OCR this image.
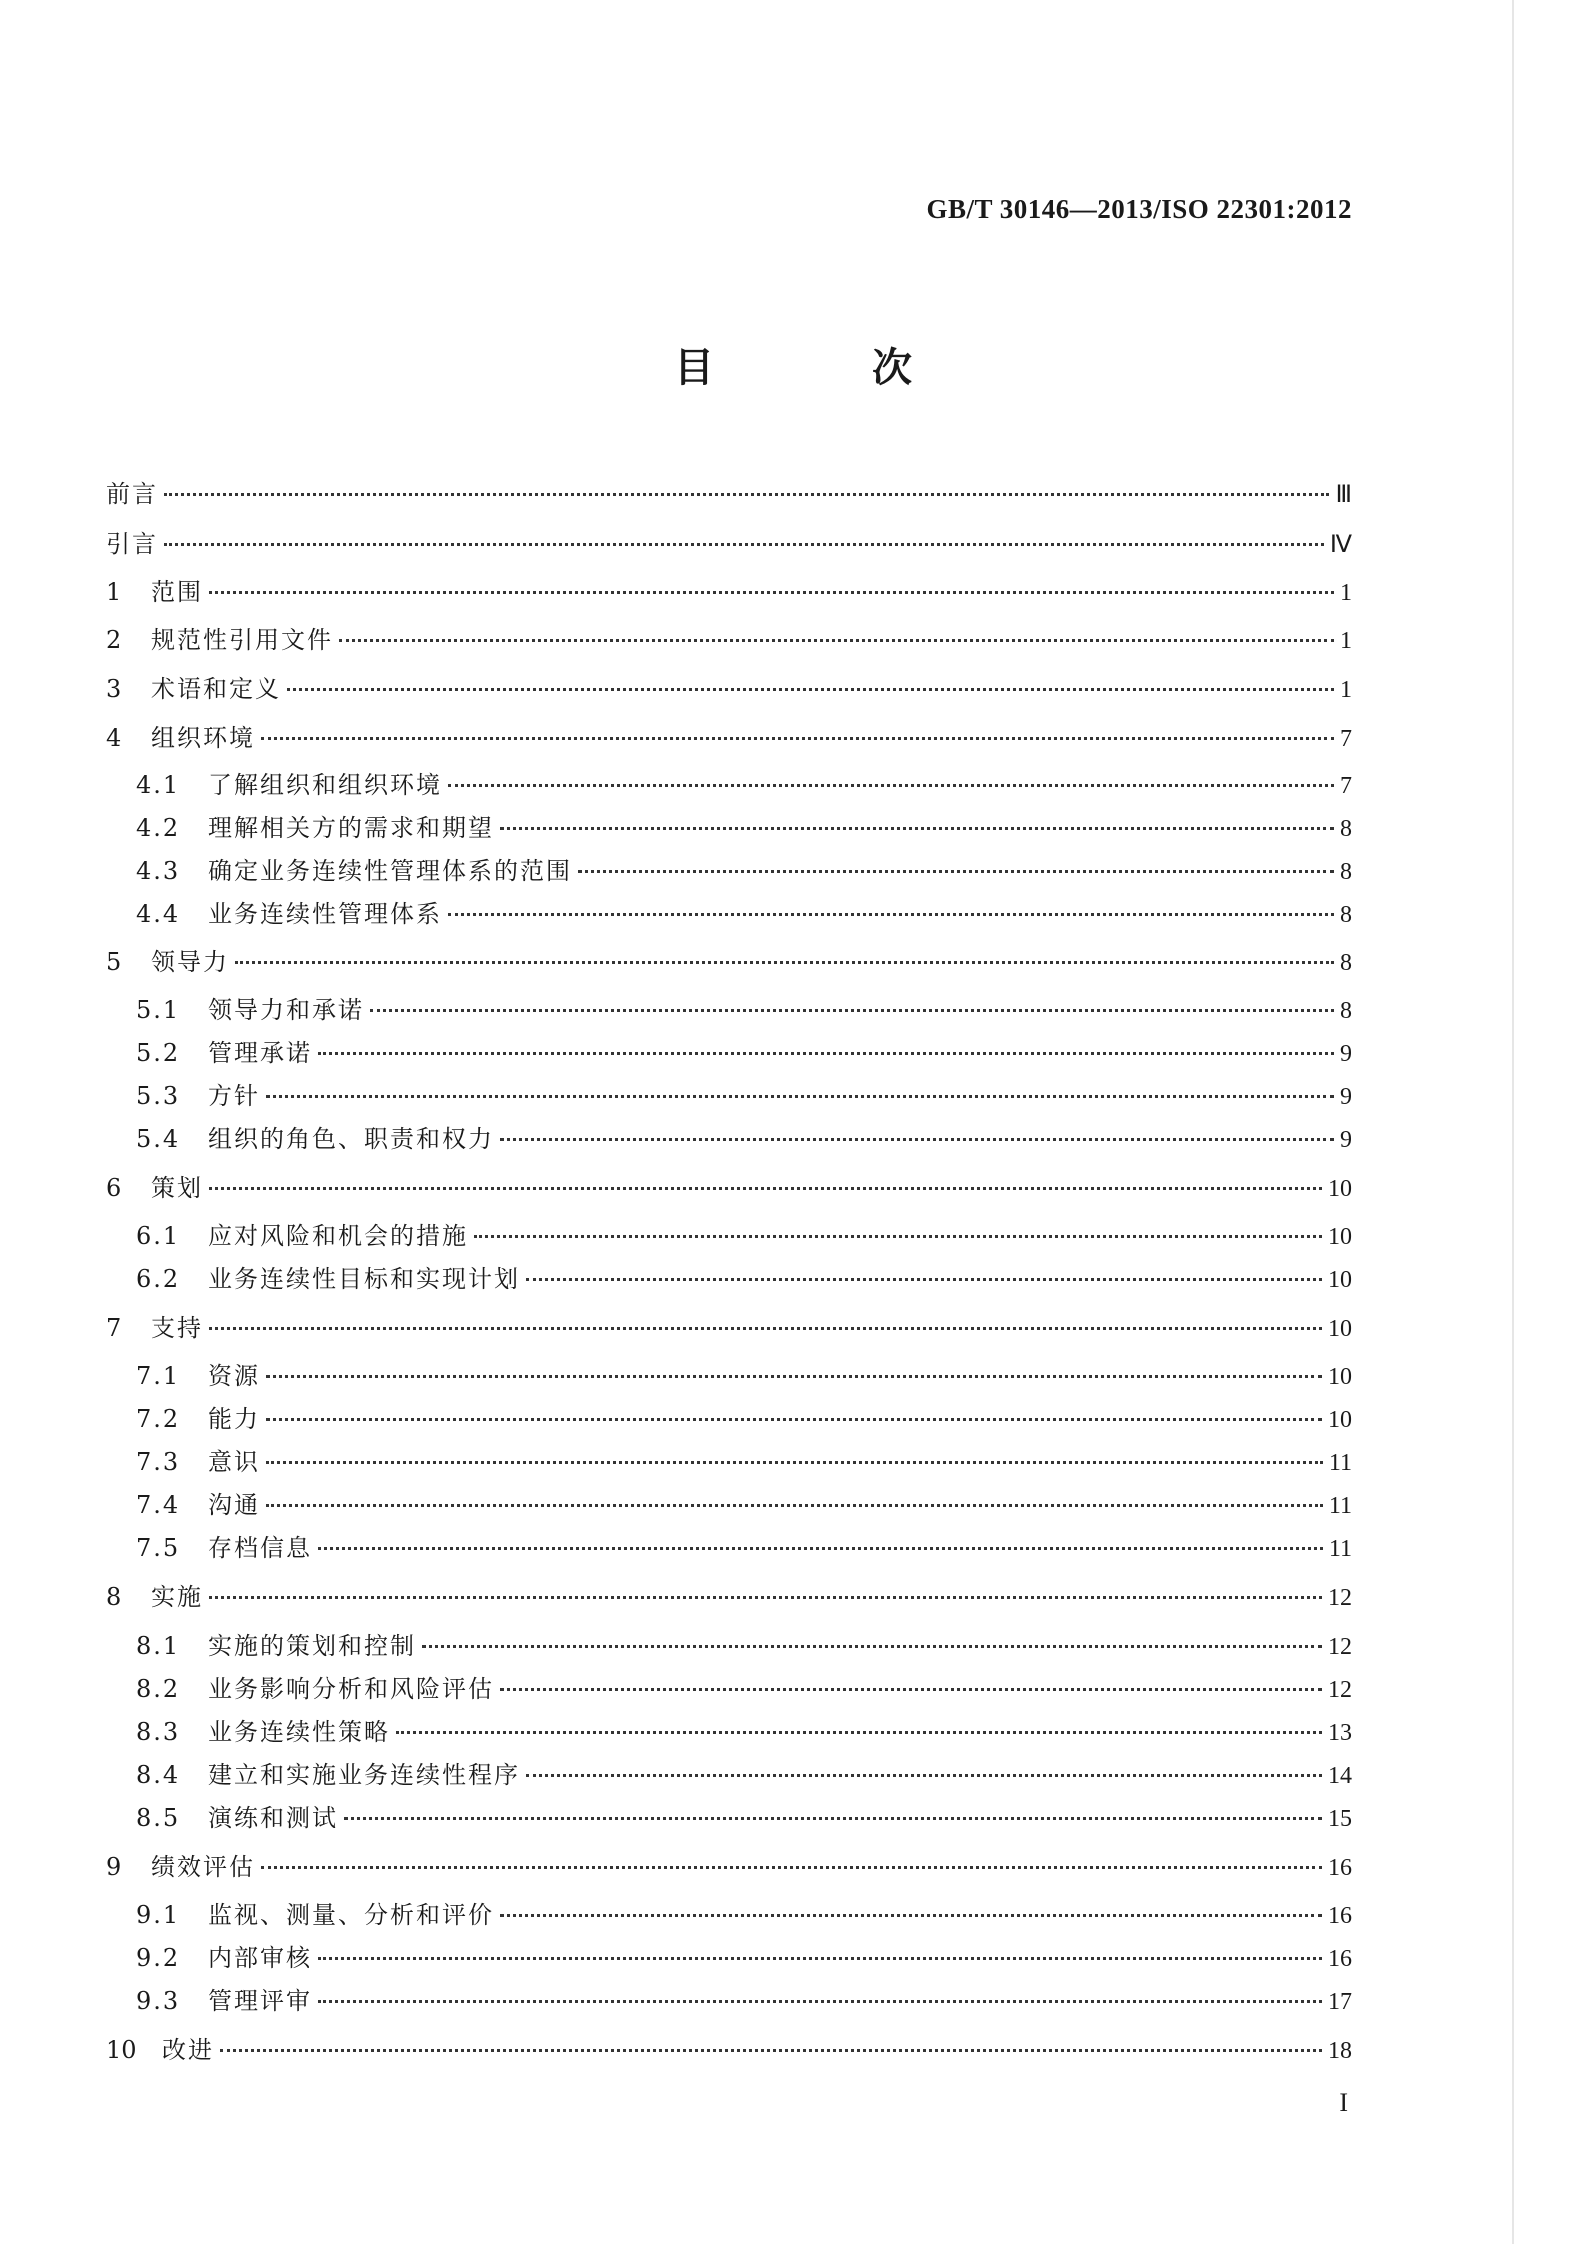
GB/T 30146—2013/ISO 22301:2012
目 次
前言	Ⅲ
引言	Ⅳ
1	范围	1
2	规范性引用文件	1
3	术语和定义	1
4	组织环境	7
4.1	了解组织和组织环境	7
4.2	理解相关方的需求和期望	8
4.3	确定业务连续性管理体系的范围	8
4.4	业务连续性管理体系	8
5	领导力	8
5.1	领导力和承诺	8
5.2	管理承诺	9
5.3	方针	9
5.4	组织的角色、职责和权力	9
6	策划	10
6.1	应对风险和机会的措施	10
6.2	业务连续性目标和实现计划	10
7	支持	10
7.1	资源	10
7.2	能力	10
7.3	意识	11
7.4	沟通	11
7.5	存档信息	11
8	实施	12
8.1	实施的策划和控制	12
8.2	业务影响分析和风险评估	12
8.3	业务连续性策略	13
8.4	建立和实施业务连续性程序	14
8.5	演练和测试	15
9	绩效评估	16
9.1	监视、测量、分析和评价	16
9.2	内部审核	16
9.3	管理评审	17
10	改进	18
I
